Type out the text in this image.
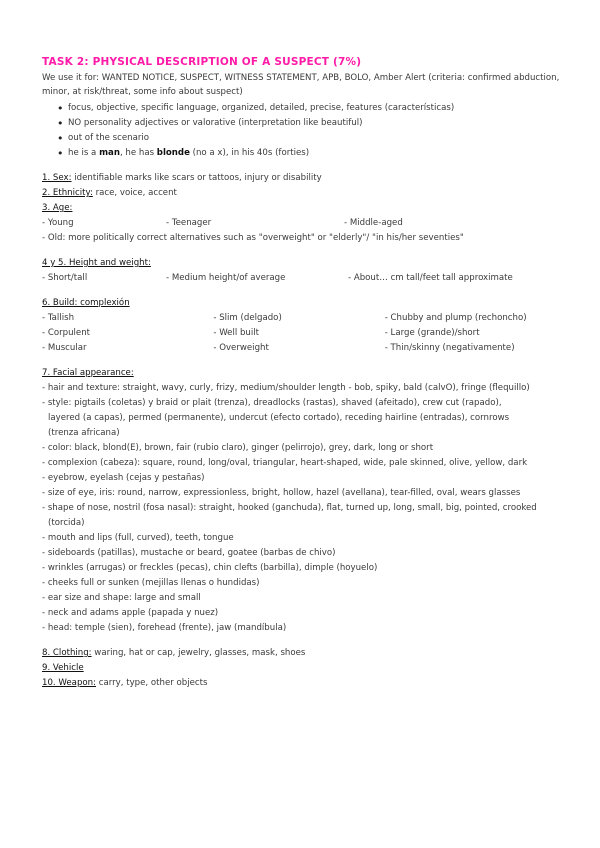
TASK 2: PHYSICAL DESCRIPTION OF A SUSPECT (7%)
We use it for: WANTED NOTICE, SUSPECT, WITNESS STATEMENT, APB, BOLO, Amber Alert (criteria: confirmed abduction, minor, at risk/threat, some info about suspect)
• focus, objective, specific language, organized, detailed, precise, features (características)
• NO personality adjectives or valorative (interpretation like beautiful)
• out of the scenario
• he is a man, he has blonde (no a x), in his 40s (forties)
1. Sex: identifiable marks like scars or tattoos, injury or disability
2. Ethnicity: race, voice, accent
3. Age:
- Young	- Teenager	- Middle-aged
- Old: more politically correct alternatives such as "overweight" or "elderly"/ "in his/her seventies"
4 y 5. Height and weight:
- Short/tall	- Medium height/of average	- About… cm tall/feet tall approximate
6. Build: complexión
- Tallish	- Slim (delgado)	- Chubby and plump (rechoncho)
- Corpulent	- Well built	- Large (grande)/short
- Muscular	- Overweight	- Thin/skinny (negativamente)
7. Facial appearance:
- hair and texture: straight, wavy, curly, frizy, medium/shoulder length - bob, spiky, bald (calvO), fringe (flequillo)
- style: pigtails (coletas) y braid or plait (trenza), dreadlocks (rastas), shaved (afeitado), crew cut (rapado),
layered (a capas), permed (permanente), undercut (efecto cortado), receding hairline (entradas), cornrows
(trenza africana)
- color: black, blond(E), brown, fair (rubio claro), ginger (pelirrojo), grey, dark, long or short
- complexion (cabeza): square, round, long/oval, triangular, heart-shaped, wide, pale skinned, olive, yellow, dark
- eyebrow, eyelash (cejas y pestañas)
- size of eye, iris: round, narrow, expressionless, bright, hollow, hazel (avellana), tear-filled, oval, wears glasses
- shape of nose, nostril (fosa nasal): straight, hooked (ganchuda), flat, turned up, long, small, big, pointed, crooked
(torcida)
- mouth and lips (full, curved), teeth, tongue
- sideboards (patillas), mustache or beard, goatee (barbas de chivo)
- wrinkles (arrugas) or freckles (pecas), chin clefts (barbilla), dimple (hoyuelo)
- cheeks full or sunken (mejillas llenas o hundidas)
- ear size and shape: large and small
- neck and adams apple (papada y nuez)
- head: temple (sien), forehead (frente), jaw (mandíbula)
8. Clothing: waring, hat or cap, jewelry, glasses, mask, shoes
9. Vehicle
10. Weapon: carry, type, other objects
